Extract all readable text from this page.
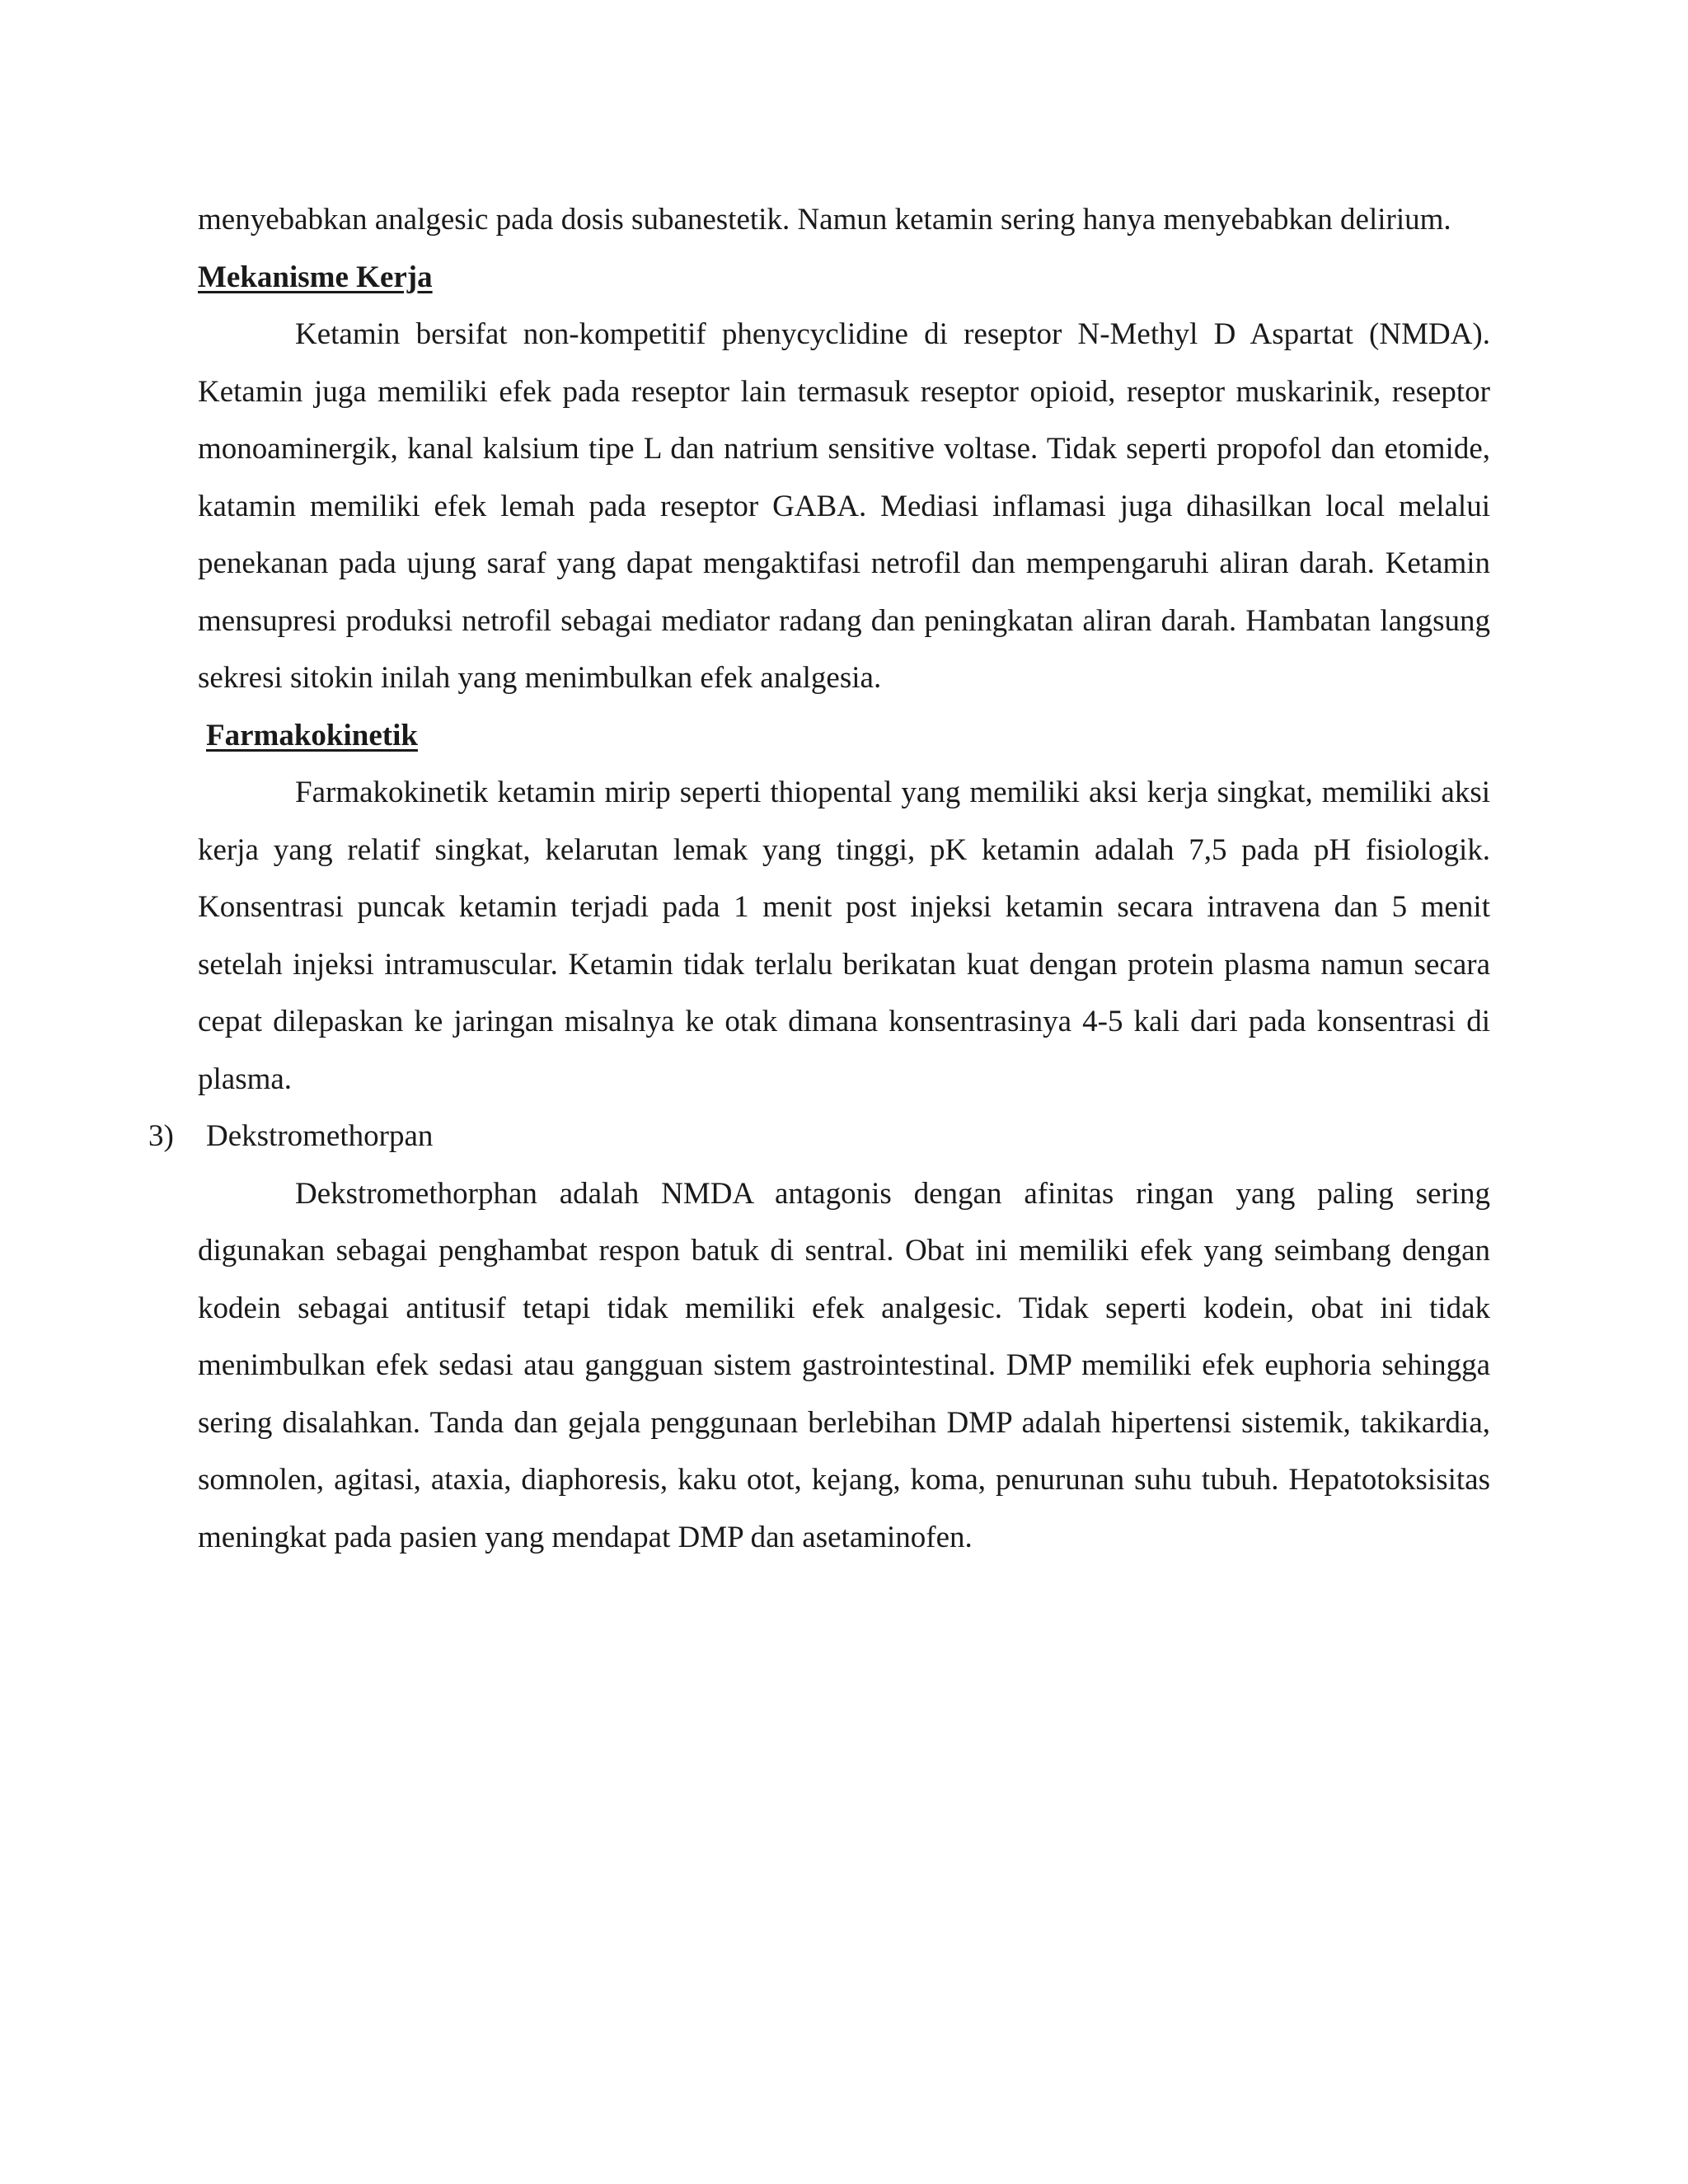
menyebabkan analgesic pada dosis subanestetik. Namun ketamin sering hanya menyebabkan delirium.

Mekanisme Kerja

Ketamin bersifat non-kompetitif phenycyclidine di reseptor N-Methyl D Aspartat (NMDA). Ketamin juga memiliki efek pada reseptor lain termasuk reseptor opioid, reseptor muskarinik, reseptor monoaminergik, kanal kalsium tipe L dan natrium sensitive voltase. Tidak seperti propofol dan etomide, katamin memiliki efek lemah pada reseptor GABA. Mediasi inflamasi juga dihasilkan local melalui penekanan pada ujung saraf yang dapat mengaktifasi netrofil dan mempengaruhi aliran darah. Ketamin mensupresi produksi netrofil sebagai mediator radang dan peningkatan aliran darah. Hambatan langsung sekresi sitokin inilah yang menimbulkan efek analgesia.

Farmakokinetik

Farmakokinetik ketamin mirip seperti thiopental yang memiliki aksi kerja singkat, memiliki aksi kerja yang relatif singkat, kelarutan lemak yang tinggi, pK ketamin adalah 7,5 pada pH fisiologik. Konsentrasi puncak ketamin terjadi pada 1 menit post injeksi ketamin secara intravena dan 5 menit setelah injeksi intramuscular. Ketamin tidak terlalu berikatan kuat dengan protein plasma namun secara cepat dilepaskan ke jaringan misalnya ke otak dimana konsentrasinya 4-5 kali dari pada konsentrasi di plasma.

3) Dekstromethorpan

Dekstromethorphan adalah NMDA antagonis dengan afinitas ringan yang paling sering digunakan sebagai penghambat respon batuk di sentral. Obat ini memiliki efek yang seimbang dengan kodein sebagai antitusif tetapi tidak memiliki efek analgesic. Tidak seperti kodein, obat ini tidak menimbulkan efek sedasi atau gangguan sistem gastrointestinal. DMP memiliki efek euphoria sehingga sering disalahkan. Tanda dan gejala penggunaan berlebihan DMP adalah hipertensi sistemik, takikardia, somnolen, agitasi, ataxia, diaphoresis, kaku otot, kejang, koma, penurunan suhu tubuh. Hepatotoksisitas meningkat pada pasien yang mendapat DMP dan asetaminofen.
